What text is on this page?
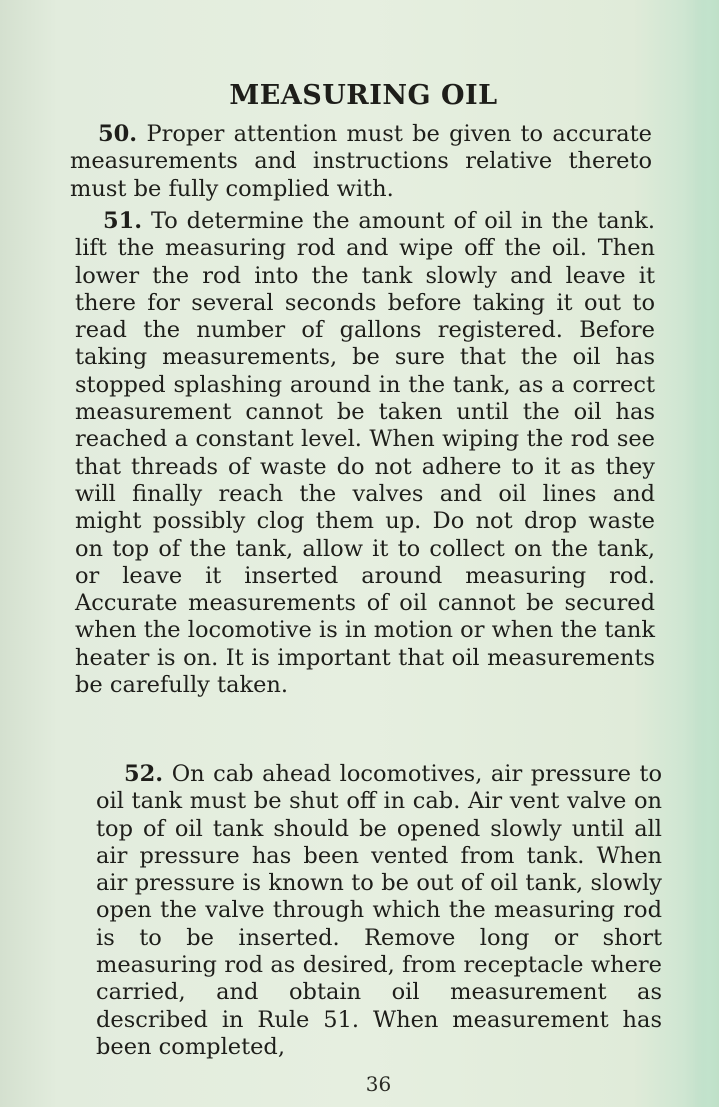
MEASURING OIL

50. Proper attention must be given to accurate measurements and instructions relative thereto must be fully complied with.

51. To determine the amount of oil in the tank. lift the measuring rod and wipe off the oil. Then lower the rod into the tank slowly and leave it there for several seconds before taking it out to read the number of gallons registered. Before taking measurements, be sure that the oil has stopped splashing around in the tank, as a correct measurement cannot be taken until the oil has reached a constant level. When wiping the rod see that threads of waste do not adhere to it as they will finally reach the valves and oil lines and might possibly clog them up. Do not drop waste on top of the tank, allow it to collect on the tank, or leave it inserted around measuring rod. Accurate measurements of oil cannot be secured when the locomotive is in motion or when the tank heater is on. It is important that oil measurements be carefully taken.

52. On cab ahead locomotives, air pressure to oil tank must be shut off in cab. Air vent valve on top of oil tank should be opened slowly until all air pressure has been vented from tank. When air pressure is known to be out of oil tank, slowly open the valve through which the measuring rod is to be inserted. Remove long or short measuring rod as desired, from receptacle where carried, and obtain oil measurement as described in Rule 51. When measurement has been completed,

36
